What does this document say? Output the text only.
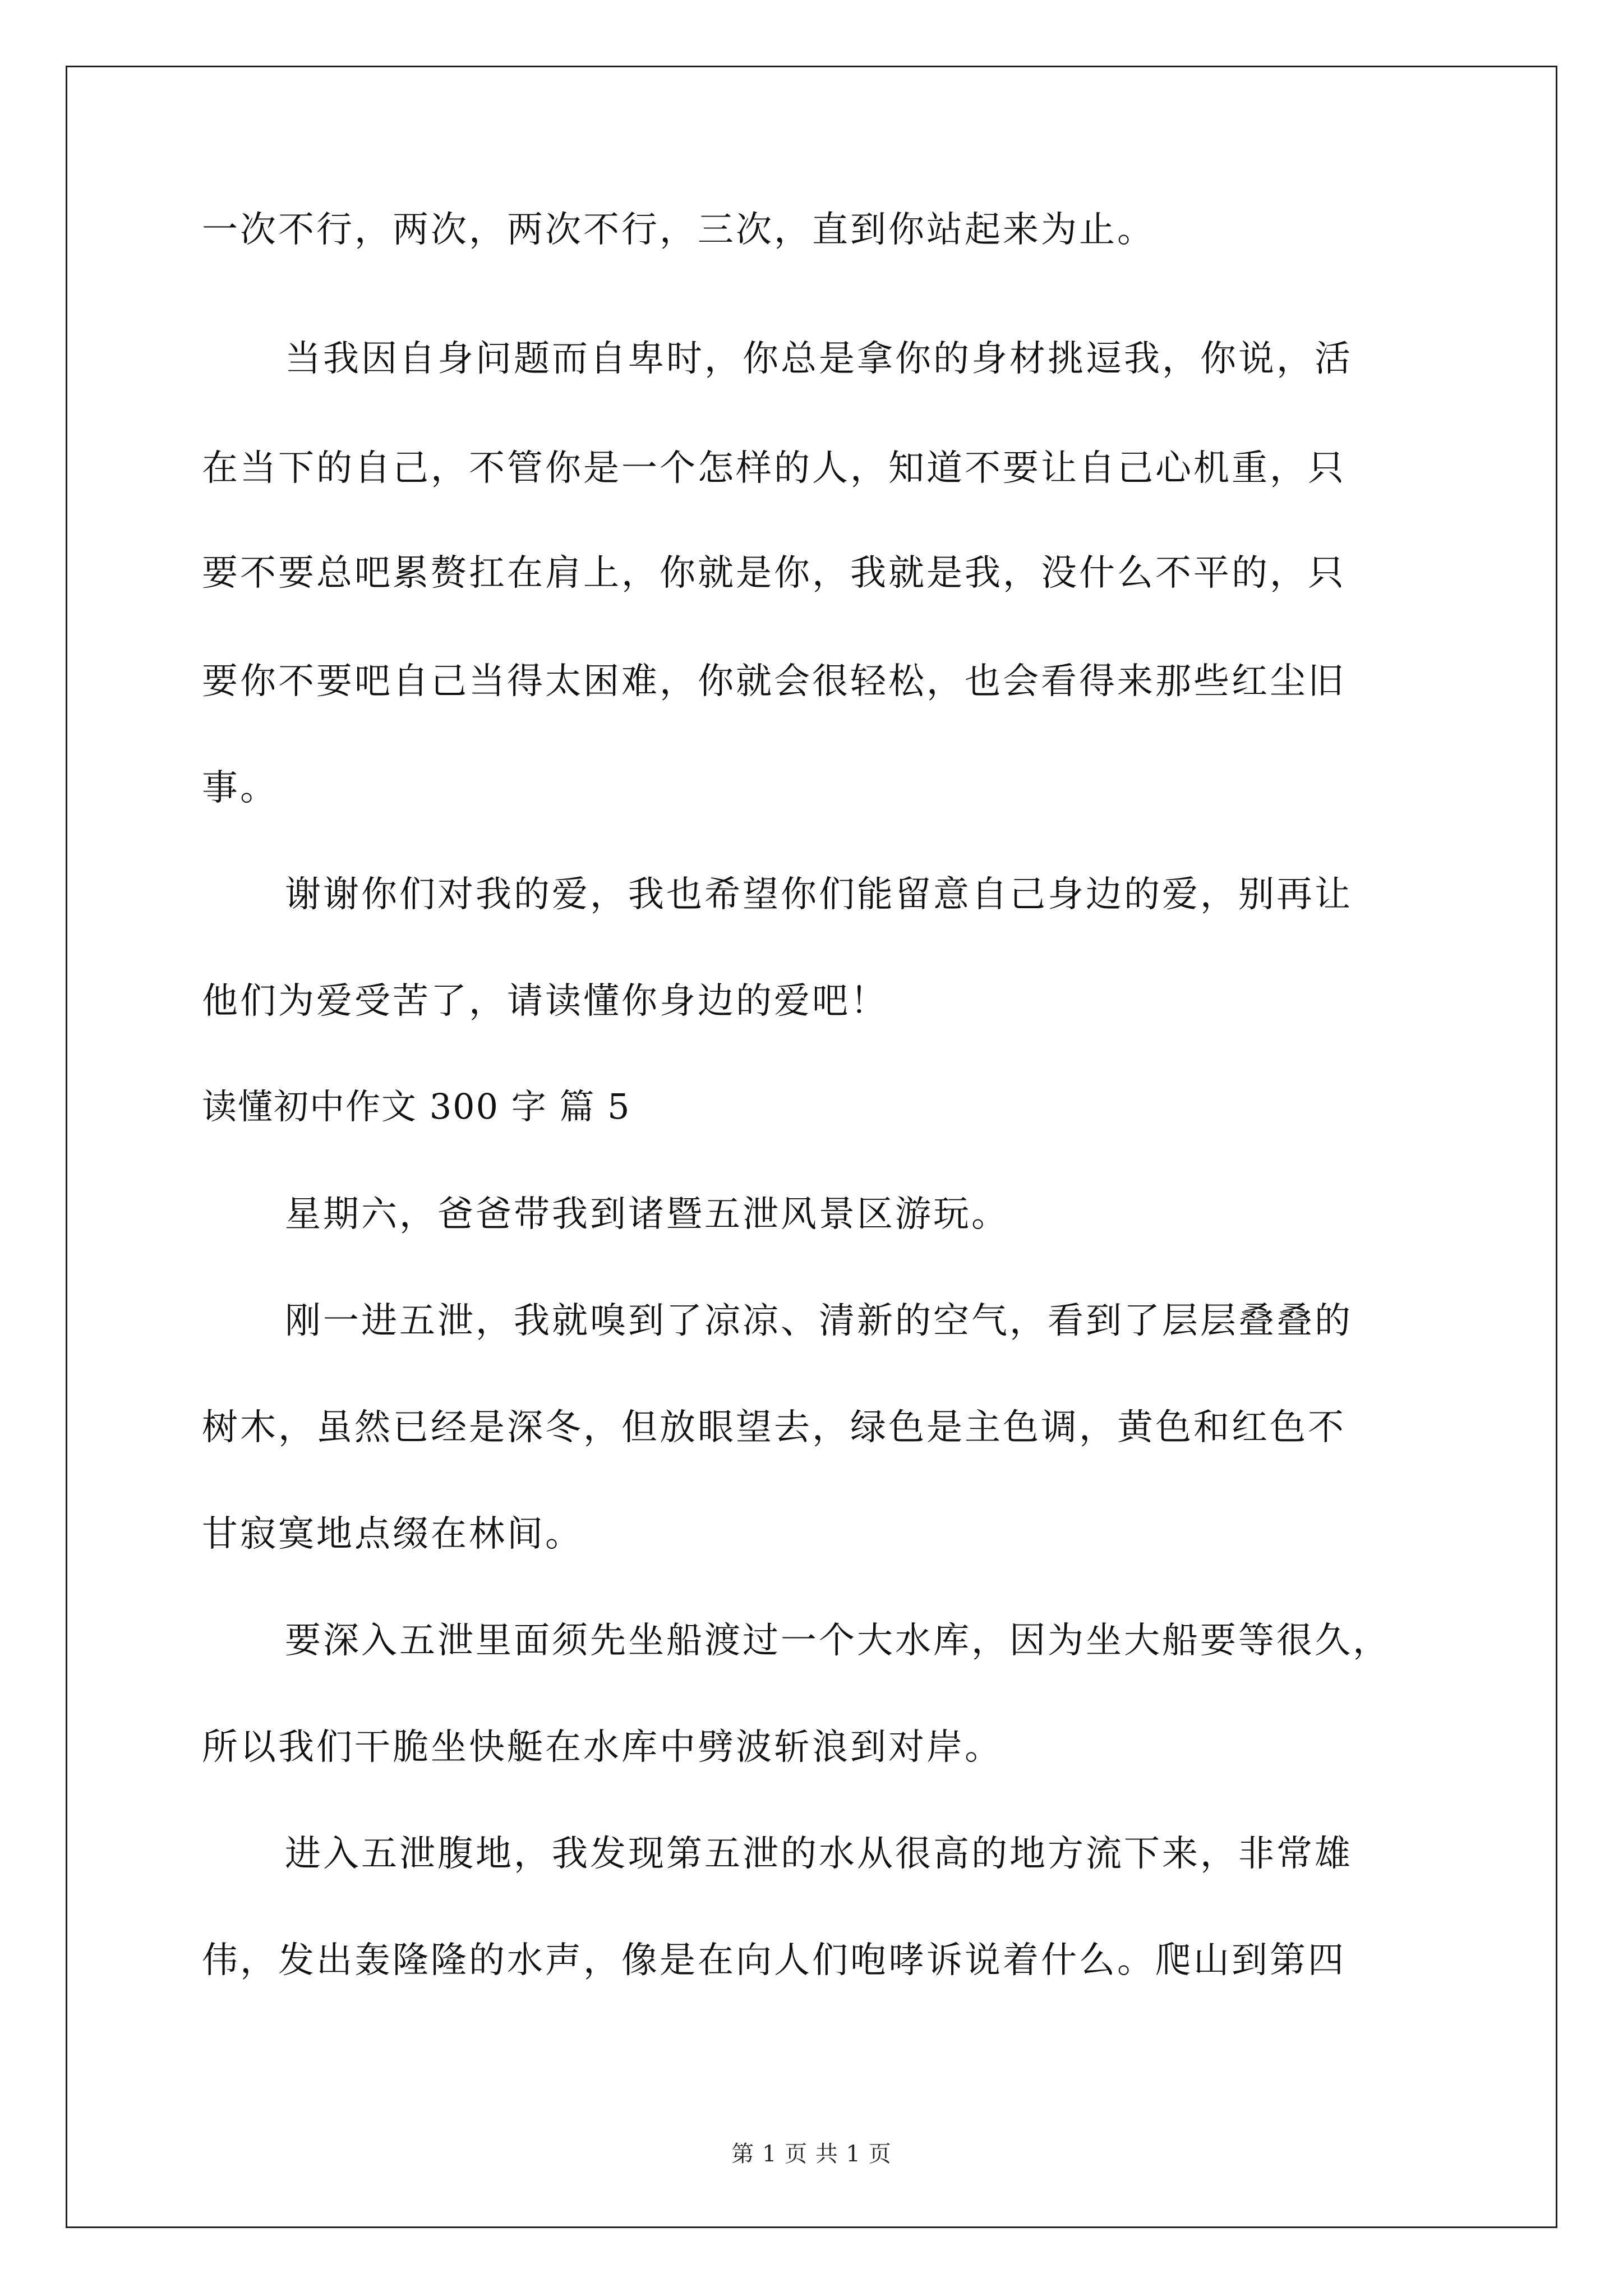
一次不行，两次，两次不行，三次，直到你站起来为止。
当我因自身问题而自卑时，你总是拿你的身材挑逗我，你说，活
在当下的自己，不管你是一个怎样的人，知道不要让自己心机重，只
要不要总吧累赘扛在肩上，你就是你，我就是我，没什么不平的，只
要你不要吧自己当得太困难，你就会很轻松，也会看得来那些红尘旧
事。
谢谢你们对我的爱，我也希望你们能留意自己身边的爱，别再让
他们为爱受苦了，请读懂你身边的爱吧！
读懂初中作文 300 字 篇 5
星期六，爸爸带我到诸暨五泄风景区游玩。
刚一进五泄，我就嗅到了凉凉、清新的空气，看到了层层叠叠的
树木，虽然已经是深冬，但放眼望去，绿色是主色调，黄色和红色不
甘寂寞地点缀在林间。
要深入五泄里面须先坐船渡过一个大水库，因为坐大船要等很久，
所以我们干脆坐快艇在水库中劈波斩浪到对岸。
进入五泄腹地，我发现第五泄的水从很高的地方流下来，非常雄
伟，发出轰隆隆的水声，像是在向人们咆哮诉说着什么。爬山到第四
第 1 页 共 1 页
